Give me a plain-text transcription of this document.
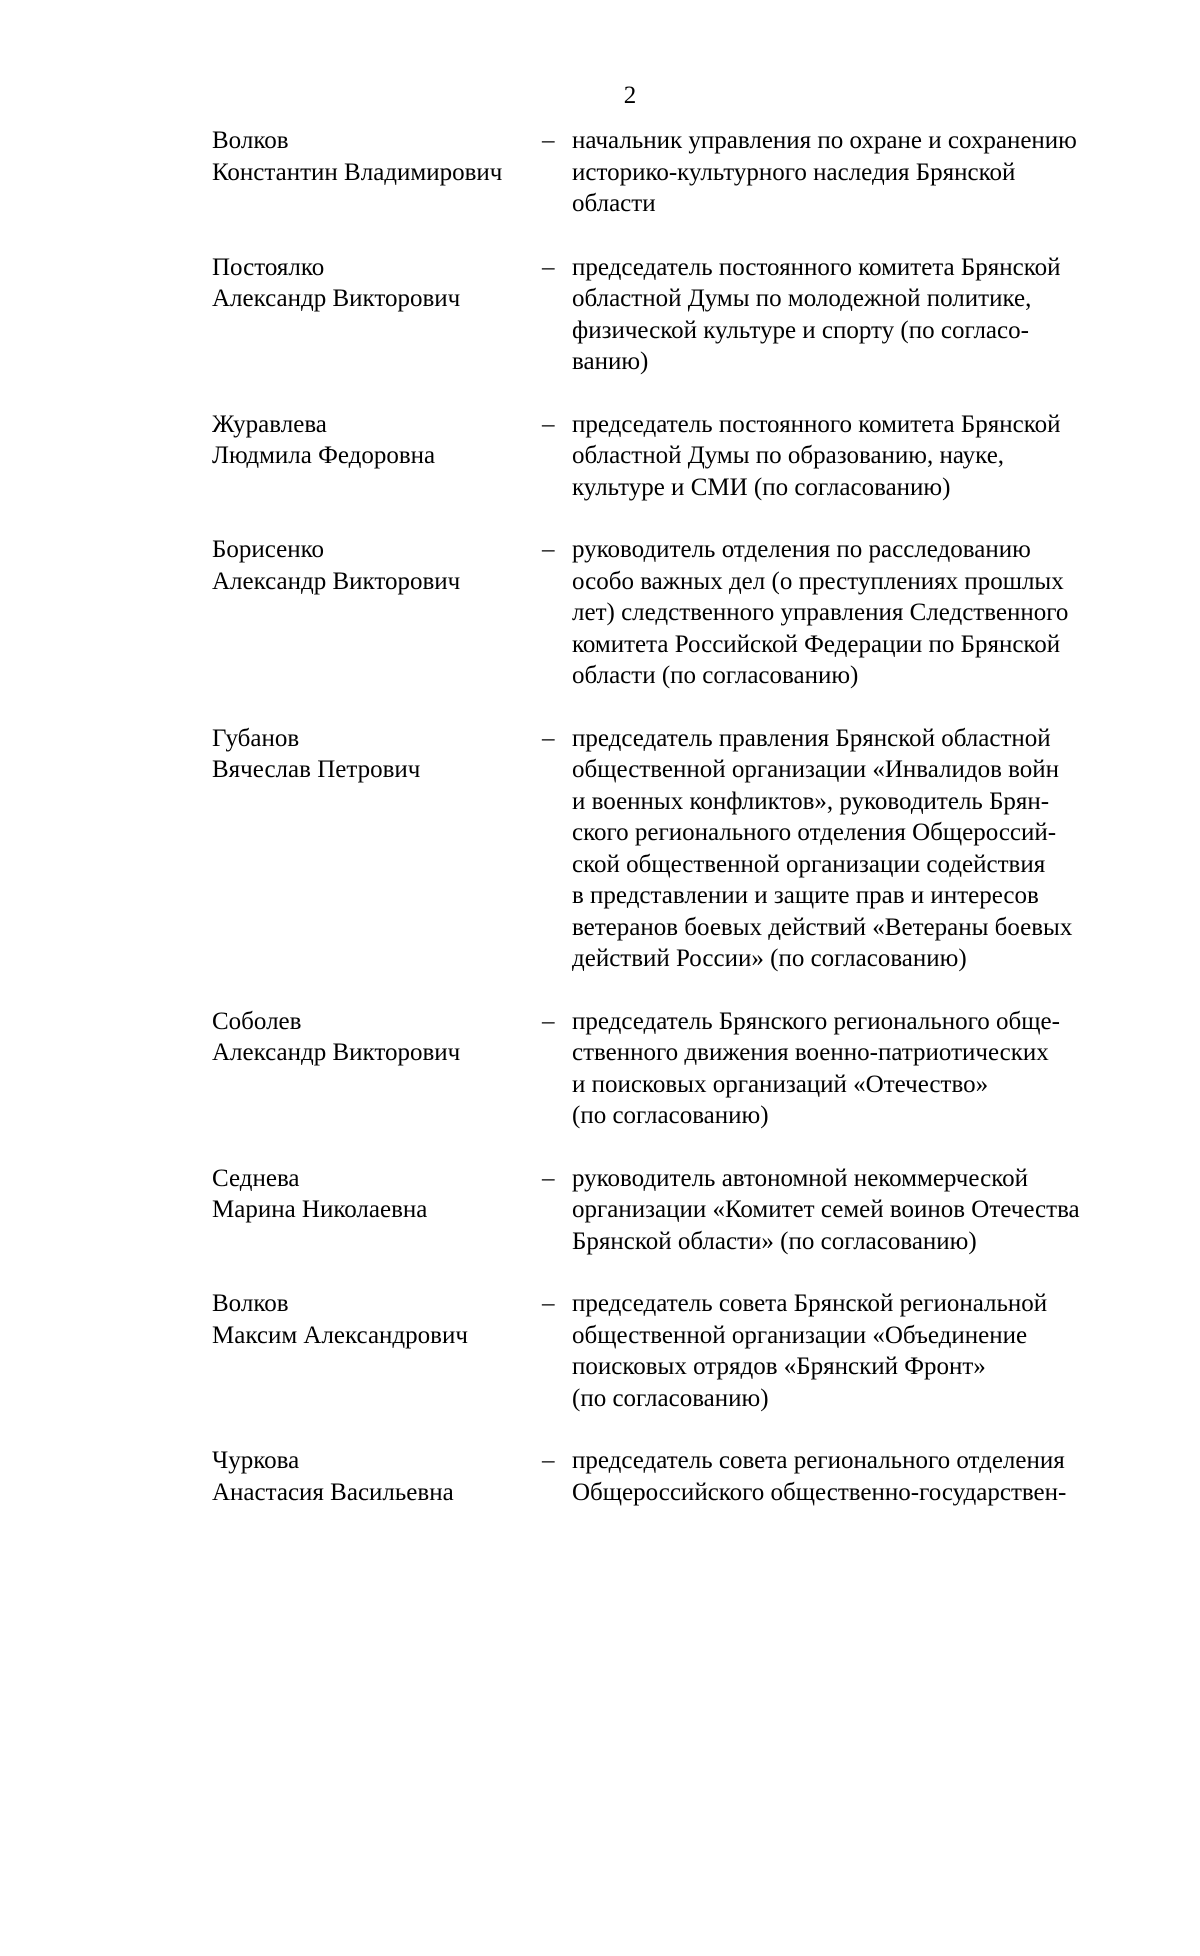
2
Волков
Константин Владимирович
– начальник управления по охране и сохранению
историко-культурного наследия Брянской
области
Постоялко
Александр Викторович
– председатель постоянного комитета Брянской
областной Думы по молодежной политике,
физической культуре и спорту (по согласо-
ванию)
Журавлева
Людмила Федоровна
– председатель постоянного комитета Брянской
областной Думы по образованию, науке,
культуре и СМИ (по согласованию)
Борисенко
Александр Викторович
– руководитель отделения по расследованию
особо важных дел (о преступлениях прошлых
лет) следственного управления Следственного
комитета Российской Федерации по Брянской
области (по согласованию)
Губанов
Вячеслав Петрович
– председатель правления Брянской областной
общественной организации «Инвалидов войн
и военных конфликтов», руководитель Брян-
ского регионального отделения Общероссий-
ской общественной организации содействия
в представлении и защите прав и интересов
ветеранов боевых действий «Ветераны боевых
действий России» (по согласованию)
Соболев
Александр Викторович
– председатель Брянского регионального обще-
ственного движения военно-патриотических
и поисковых организаций «Отечество»
(по согласованию)
Седнева
Марина Николаевна
– руководитель автономной некоммерческой
организации «Комитет семей воинов Отечества
Брянской области» (по согласованию)
Волков
Максим Александрович
– председатель совета Брянской региональной
общественной организации «Объединение
поисковых отрядов «Брянский Фронт»
(по согласованию)
Чуркова
Анастасия Васильевна
– председатель совета регионального отделения
Общероссийского общественно-государствен-
